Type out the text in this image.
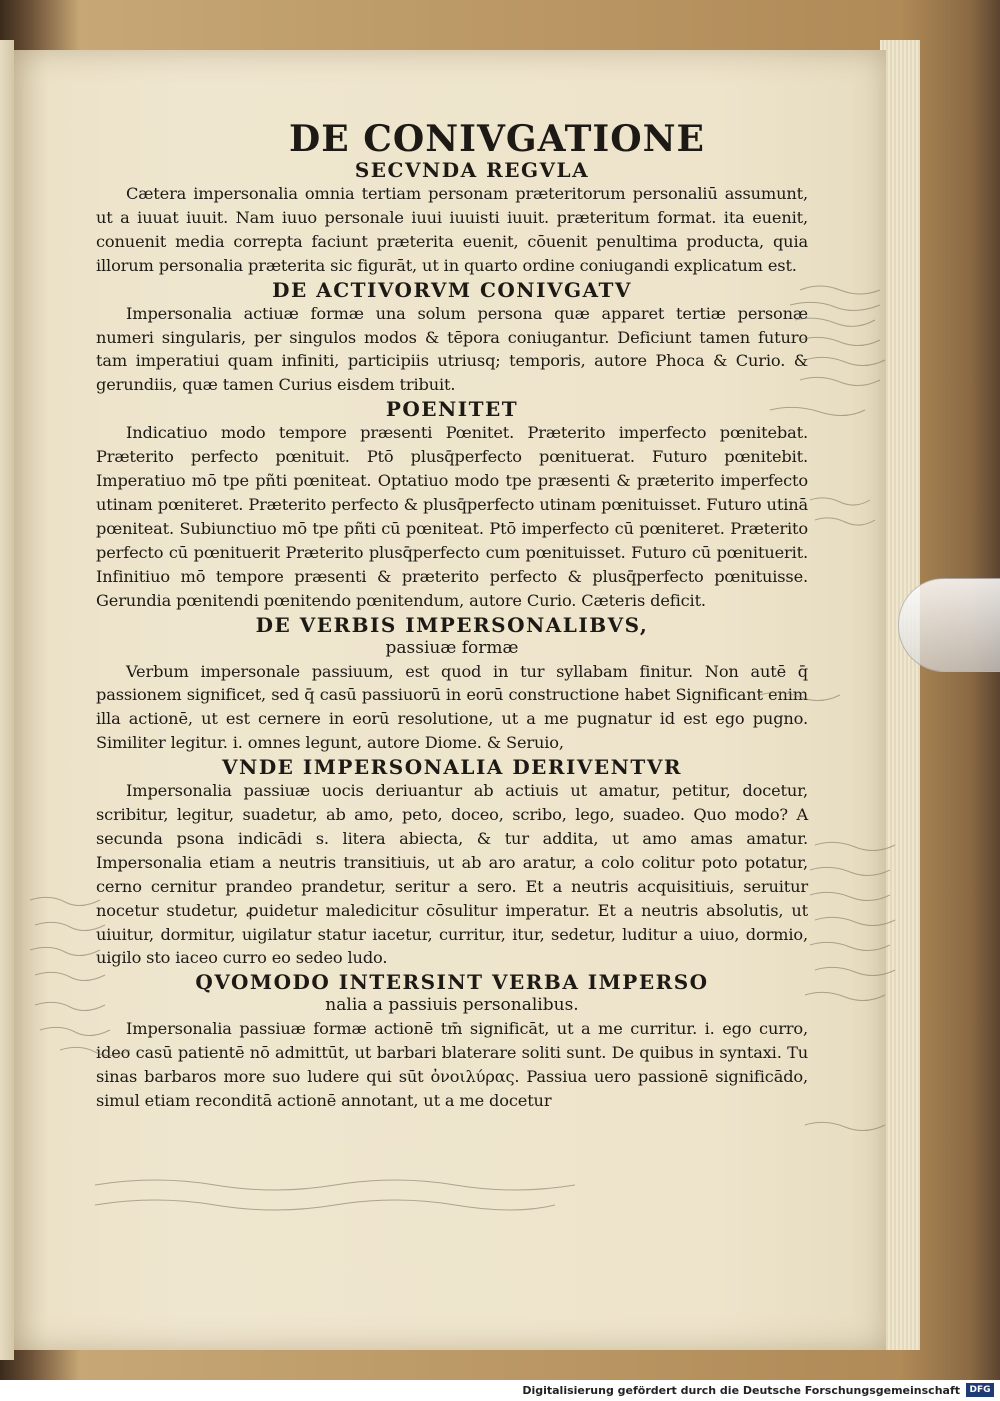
DE CONIVGATIONE
SECVNDA REGVLA

Cætera impersonalia omnia tertiam personam præteritorum personaliū assumunt, ut a iuuat iuuit. Nam iuuo personale iuui iuuisti iuuit. præteritum format. ita euenit, conuenit media correpta faciunt præterita euenit, cōuenit penultima producta, quia illorum personalia præterita sic figurāt, ut in quarto ordine coniugandi explicatum est.

DE ACTIVORVM CONIVGATV

Impersonalia actiuæ formæ una solum persona quæ apparet tertiæ personæ numeri singularis, per singulos modos & tēpora coniugantur. Deficiunt tamen futuro tam imperatiui quam infiniti, participiis utriusq; temporis, autore Phoca & Curio. & gerundiis, quæ tamen Curius eisdem tribuit.

POENITET

Indicatiuo modo tempore præsenti Pœnitet. Præterito imperfecto pœnitebat. Præterito perfecto pœnituit. Ptō plusq̄perfecto pœnituerat. Futuro pœnitebit. Imperatiuo mō tpe pñti pœniteat. Optatiuo modo tpe præsenti & præterito imperfecto utinam pœniteret. Præterito perfecto & plusq̄perfecto utinam pœnituisset. Futuro utinā pœniteat. Subiunctiuo mō tpe pñti cū pœniteat. Ptō imperfecto cū pœniteret. Præterito perfecto cū pœnituerit Præterito plusq̄perfecto cum pœnituisset. Futuro cū pœnituerit. Infinitiuo mō tempore præsenti & præterito perfecto & plusq̄perfecto pœnituisse. Gerundia pœnitendi pœnitendo pœnitendum, autore Curio. Cæteris deficit.

DE VERBIS IMPERSONALIBVS,

passiuæ formæ

Verbum impersonale passiuum, est quod in tur syllabam finitur. Non autē q̄ passionem significet, sed q̄ casū passiuorū in eorū constructione habet Significant enim illa actionē, ut est cernere in eorū resolutione, ut a me pugnatur id est ego pugno. Similiter legitur. i. omnes legunt, autore Diome. & Seruio,

VNDE IMPERSONALIA DERIVENTVR

Impersonalia passiuæ uocis deriuantur ab actiuis ut amatur, petitur, docetur, scribitur, legitur, suadetur, ab amo, peto, doceo, scribo, lego, suadeo. Quo modo? A secunda psona indicādi s. litera abiecta, & tur addita, ut amo amas amatur. Impersonalia etiam a neutris transitiuis, ut ab aro aratur, a colo colitur poto potatur, cerno cernitur prandeo prandetur, seritur a sero. Et a neutris acquisitiuis, seruitur nocetur studetur, ꝓuidetur maledicitur cōsulitur imperatur. Et a neutris absolutis, ut uiuitur, dormitur, uigilatur statur iacetur, curritur, itur, sedetur, luditur a uiuo, dormio, uigilo sto iaceo curro eo sedeo ludo.

QVOMODO INTERSINT VERBA IMPERSO

nalia a passiuis personalibus.

Impersonalia passiuæ formæ actionē tm̄ significāt, ut a me curritur. i. ego curro, ideo casū patientē nō admittūt, ut barbari blaterare soliti sunt. De quibus in syntaxi. Tu sinas barbaros more suo ludere qui sūt ὀνοιλύρας. Passiua uero passionē significādo, simul etiam reconditā actionē annotant, ut a me docetur

Digitalisierung gefördert durch die Deutsche Forschungsgemeinschaft	DFG
